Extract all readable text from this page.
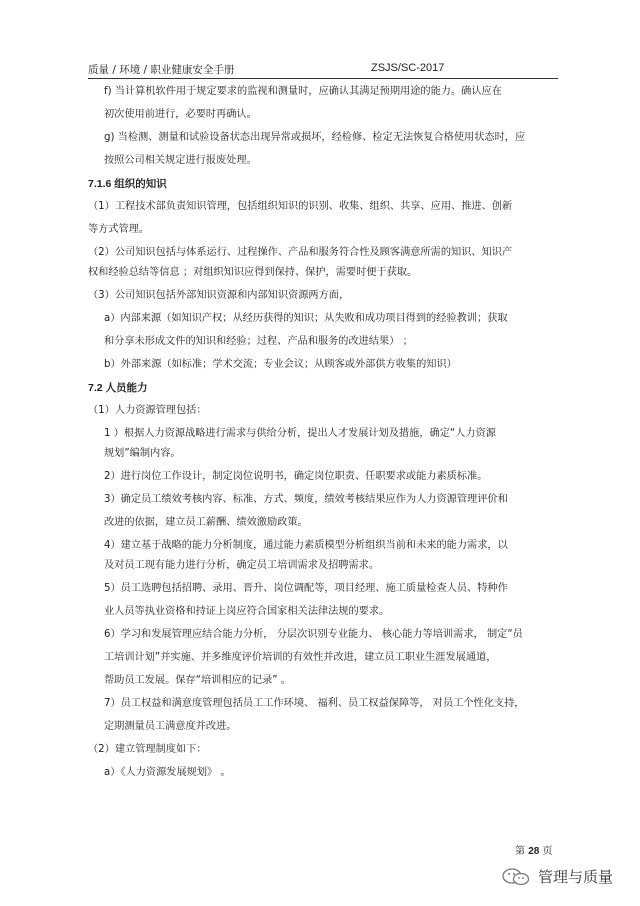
质量 / 环境 / 职业健康安全手册	ZSJS/SC-2017
f) 当计算机软件用于规定要求的监视和测量时，应确认其满足预期用途的能力。确认应在
初次使用前进行，必要时再确认。
g) 当检测、测量和试验设备状态出现异常或损坏，经检修、检定无法恢复合格使用状态时，应
按照公司相关规定进行报废处理。
7.1.6 组织的知识
（1）工程技术部负责知识管理，包括组织知识的识别、收集、组织、共享、应用、推进、创新
等方式管理。
（2）公司知识包括与体系运行、过程操作、产品和服务符合性及顾客满意所需的知识、知识产
权和经验总结等信息 ；对组织知识应得到保持、保护，需要时便于获取。
（3）公司知识包括外部知识资源和内部知识资源两方面，
a）内部来源（如知识产权；从经历获得的知识；从失败和成功项目得到的经验教训；获取
和分享未形成文件的知识和经验；过程、产品和服务的改进结果） ；
b）外部来源（如标准；学术交流；专业会议；从顾客或外部供方收集的知识）
7.2 人员能力
（1）人力资源管理包括：
1 ）根据人力资源战略进行需求与供给分析，提出人才发展计划及措施，确定“人力资源
规划”编制内容。
2）进行岗位工作设计，制定岗位说明书，确定岗位职责、任职要求或能力素质标准。
3）确定员工绩效考核内容、标准、方式、频度，绩效考核结果应作为人力资源管理评价和
改进的依据，建立员工薪酬、绩效激励政策。
4）建立基于战略的能力分析制度，通过能力素质模型分析组织当前和未来的能力需求，以
及对员工现有能力进行分析，确定员工培训需求及招聘需求。
5）员工选聘包括招聘、录用、晋升、岗位调配等，项目经理、施工质量检查人员、特种作
业人员等执业资格和持证上岗应符合国家相关法律法规的要求。
6）学习和发展管理应结合能力分析， 分层次识别专业能力、 核心能力等培训需求， 制定“员
工培训计划”并实施、并多维度评价培训的有效性并改进，建立员工职业生涯发展通道，
帮助员工发展。保存“培训相应的记录” 。
7）员工权益和满意度管理包括员工工作环境、 福利、员工权益保障等， 对员工个性化支持，
定期测量员工满意度并改进。
（2）建立管理制度如下：
a）《人力资源发展规划》 。
第 28 页
管理与质量
